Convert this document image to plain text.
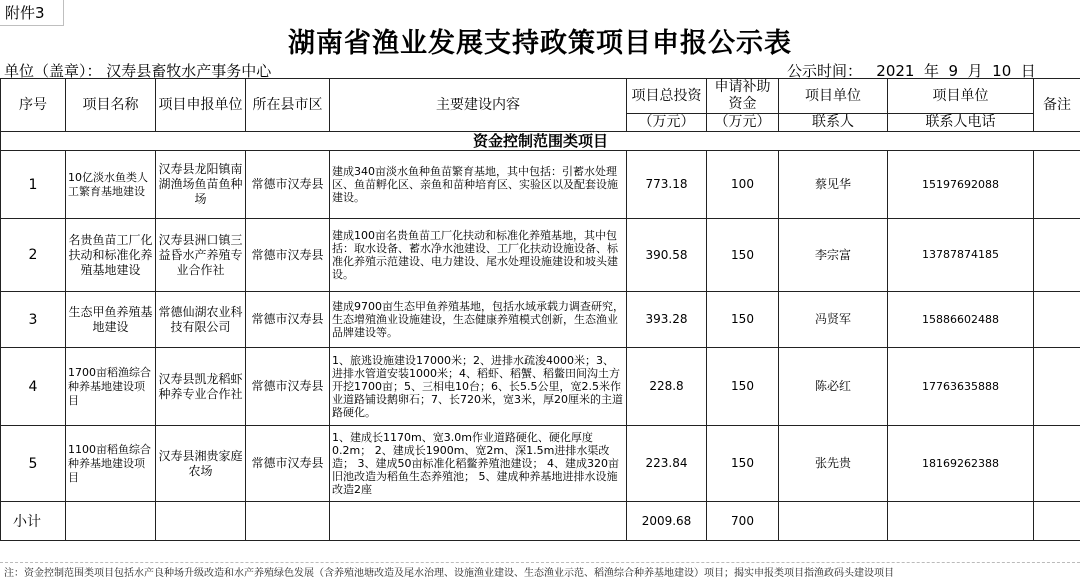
附件3
湖南省渔业发展支持政策项目申报公示表
单位（盖章）： 汉寿县畜牧水产事务中心	公示时间：   2021  年  9  月  10  日
序号	项目名称	项目申报单位	所在县市区	主要建设内容	项目总投资	申请补助资金	项目单位	项目单位	备注
					（万元）	（万元）	联系人	联系人电话	
资金控制范围类项目									
1	10亿淡水鱼类人工繁育基地建设	汉寿县龙阳镇南湖渔场鱼苗鱼种场	常德市汉寿县	建成340亩淡水鱼种鱼苗繁育基地，其中包括：引蓄水处理区、鱼苗孵化区、亲鱼和苗种培育区、实验区以及配套设施建设。	773.18	100	蔡见华	15197692088	
2	名贵鱼苗工厂化扶动和标准化养殖基地建设	汉寿县洲口镇三益昏水产养殖专业合作社	常德市汉寿县	建成100亩名贵鱼苗工厂化扶动和标准化养殖基地，其中包括：取水设备、蓄水净水池建设、工厂化扶动设施设备、标准化养殖示范建设、电力建设、尾水处理设施建设和坡头建设。	390.58	150	李宗富	13787874185	
3	生态甲鱼养殖基地建设	常德仙湖农业科技有限公司	常德市汉寿县	建成9700亩生态甲鱼养殖基地，包括水域承载力调查研究，生态增殖渔业设施建设，生态健康养殖模式创新，生态渔业品牌建设等。	393.28	150	冯贤军	15886602488	
4	1700亩稻渔综合种养基地建设项目	汉寿县凯龙稻虾种养专业合作社	常德市汉寿县	1、旅逃设施建设17000米；2、进排水疏浚4000米；3、进排水管道安装1000米；4、稻虾、稻蟹、稻鳖田间沟土方开挖1700亩；5、三相电10台；6、长5.5公里，宽2.5米作业道路铺设鹅卵石；7、长720米，宽3米，厚20厘米的主道路硬化。	228.8	150	陈必红	17763635888	
5	1100亩稻鱼综合种养基地建设项目	汉寿县湘贵家庭农场	常德市汉寿县	1、建成长1170m、宽3.0m作业道路硬化、硬化厚度0.2m； 2、建成长1900m、宽2m、深1.5m进排水渠改造； 3、建成50亩标准化稻鳖养殖池建设； 4、建成320亩旧池改造为稻鱼生态养殖池； 5、建成种养基地进排水设施改造2座	223.84	150	张先贵	18169262388	
小计					2009.68	700			
注：资金控制范围类项目包括水产良种场升级改造和水产养殖绿色发展（含养殖池塘改造及尾水治理、设施渔业建设、生态渔业示范、稻渔综合种养基地建设）项目；揭实申报类项目指渔政码头建设项目
